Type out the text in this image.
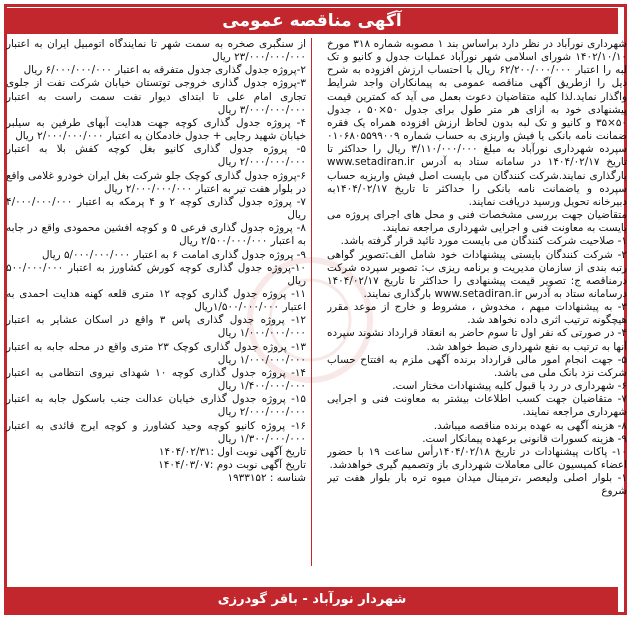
آگهی مناقصه عمومی

شهرداری نورآباد در نظر دارد براساس بند ۱ مصوبه شماره ۳۱۸ مورخ ۱۴۰۲/۱۰/۱۰ شورای اسلامی شهر نورآباد عملیات جدول و کانیو و تک لبه را اعتبار ۶۲/۲۰۰/۰۰۰/۰۰۰ ریال با احتساب ارزش افزوده به شرح ذیل را ازطریق آگهی مناقصه عمومی به پیمانکاران واجد شرایط واگذار نماید.لذا کلیه متقاضیان دعوت بعمل می آید که کمترین قیمت پیشنهادی خود به ازای هر متر طول برای جدول ۵۰×۵۰ ، جدول ۵۰×۳۵ و کانیو و تک لبه بدون لحاظ ارزش افزوده همراه یک فقره ضمانت نامه بانکی یا فیش واریزی به حساب شماره ۰۱۰۶۸۰۵۵۹۹۰۰۹ سپرده شهرداری نورآباد به مبلغ ۳/۱۱۰/۰۰۰/۰۰۰ ریال را حداکثر تا تاریخ ۱۴۰۴/۰۲/۱۷ در سامانه ستاد به آدرس www.setadiran.ir بارگذاری نمایند.شرکت کنندگان می بایست اصل فیش واریزیه حساب سپرده و یاضمانت نامه بانکی را حداکثر تا تاریخ ۱۴۰۴/۰۲/۱۷به دبیرخانه تحویل ورسید دریافت نمایند.

متقاضیان جهت بررسی مشخصات فنی و محل های اجرای پروژه می بایست به معاونت فنی و اجرایی شهرداری مراجعه نمایند.

۱- صلاحیت شرکت کنندگان می بایست مورد تائید قرار گرفته باشد.

۲- شرکت کنندگان بایستی پیشنهادات خود شامل الف:تصویر گواهی رتبه بندی از سازمان مدیریت و برنامه ریزی ب: تصویر سپرده شرکت درمناقصه ج: تصویر قیمت پیشنهادی را حداکثر تا تاریخ ۱۴۰۴/۰۲/۱۷ درسامانه ستاد به آدرس www.setadiran.ir بارگذاری نمایند.

۳- به پیشنهادات مبهم ، مخدوش ، مشروط و خارج از موعد مقرر هیچگونه ترتیب اثری داده نخواهد شد.

۴- در صورتی که نفر اول تا سوم حاضر به انعقاد قرارداد نشوند سپرده آنها به ترتیب به نفع شهرداری ضبط خواهد شد.

۵- جهت انجام امور مالی قرارداد برنده آگهی ملزم به افتتاح حساب شرکت نزد بانک ملی می باشد.

۶- شهرداری در رد یا قبول کلیه پیشنهادات مختار است.

۷- متقاضیان جهت کسب اطلاعات بیشتر به معاونت فنی و اجرایی شهرداری مراجعه نمایند.

۸- هزینه آگهی به عهده برنده مناقصه میباشد.

۹- هزینه کسورات قانونی برعهده پیمانکار است.

۱۰- پاکات پیشنهادات در تاریخ ۱۴۰۴/۰۲/۱۸رأس ساعت ۱۹ با حضور اعضاء کمیسیون عالی معاملات شهرداری باز وتصمیم گیری خواهدشد.

۱- بلوار اصلی ولیعصر ،ترمینال میدان میوه تره بار بلوار هفت تیر شروع

از سنگبری صخره به سمت شهر تا نمایندگاه اتومبیل ایران به اعتبار ۲۳/۰۰۰/۰۰۰/۰۰۰ ریال

۲-پروژه جدول گذاری جدول متفرقه به اعتبار ۶/۰۰۰/۰۰۰/۰۰۰ ریال

۳-پروژه جدول گذاری خروجی توتستان خیابان شرکت نفت از جلوی تجاری امام علی تا ابتدای دیوار نفت سمت راست به اعتبار ۳/۰۰۰/۰۰۰/۰۰۰ ریال

۴- پروژه جدول گذاری کوچه جهت هدایت آبهای طرفین به سیلبر خیابان شهید رجایی + جدول خادمکان به اعتبار ۲/۰۰۰/۰۰۰/۰۰۰ ریال

۵- پروژه جدول گذاری کانیو بغل کوچه کفش بلا به اعتبار ۲/۰۰۰/۰۰۰/۰۰۰ ریال

۶-پروژه جدول گذاری کوچک جلو شرکت بغل ایران خودرو غلامی واقع در بلوار هفت تیر به اعتبار ۲/۰۰۰/۰۰۰/۰۰۰ ریال

۷- پروژه جدول گذاری کوچه ۲ و ۴ پرمکه به اعتبار ۴/۰۰۰/۰۰۰/۰۰۰ ریال

۸- پروژه جدول گذاری فرعی ۵ و کوچه افشین محمودی واقع در جابه به اعتبار ۲/۵۰۰/۰۰۰/۰۰۰ ریال

۹- پروژه جدول گذاری امامت ۶ به اعتبار ۵/۰۰۰/۰۰۰/۰۰۰ ریال

۱۰-پروژه جدول گذاری کوچه کورش کشاورز به اعتبار ۵۰۰/۰۰۰/۰۰۰ ریال

۱۱- پروژه جدول گذاری کوچه ۱۲ متری قلعه کهنه هدایت احمدی به اعتبار ۱/۵۰۰/۰۰۰/۰۰۰ریال

۱۲- پروژه جدول گذاری پاس ۳ واقع در اسکان عشایر به اعتبار ۱/۰۰۰/۰۰۰/۰۰۰ ریال

۱۳- پروژه جدول گذاری کوچک ۲۳ متری واقع در محله جابه به اعتبار ۱/۰۰۰/۰۰۰/۰۰۰ ریال

۱۴- پروژه جدول گذاری کوچه ۱۰ شهدای نیروی انتظامی به اعتبار ۱/۴۰۰/۰۰۰/۰۰۰ ریال

۱۵- پروژه جدول گذاری خیابان عدالت جنب باسکول جابه به اعتبار ۲/۰۰۰/۰۰۰/۰۰۰ ریال

۱۶- پروژه کانیو کوچه وحید کشاورز و کوچه ایرج قائدی به اعتبار ۱/۳۰۰/۰۰۰/۰۰۰ ریال

تاریخ آگهی نوبت اول :۱۴۰۴/۰۲/۳۱

تاریخ آگهی نوبت دوم :۱۴۰۴/۰۳/۰۷

شناسه : ۱۹۳۳۱۵۲

شهردار نورآباد - باقر گودرزی
